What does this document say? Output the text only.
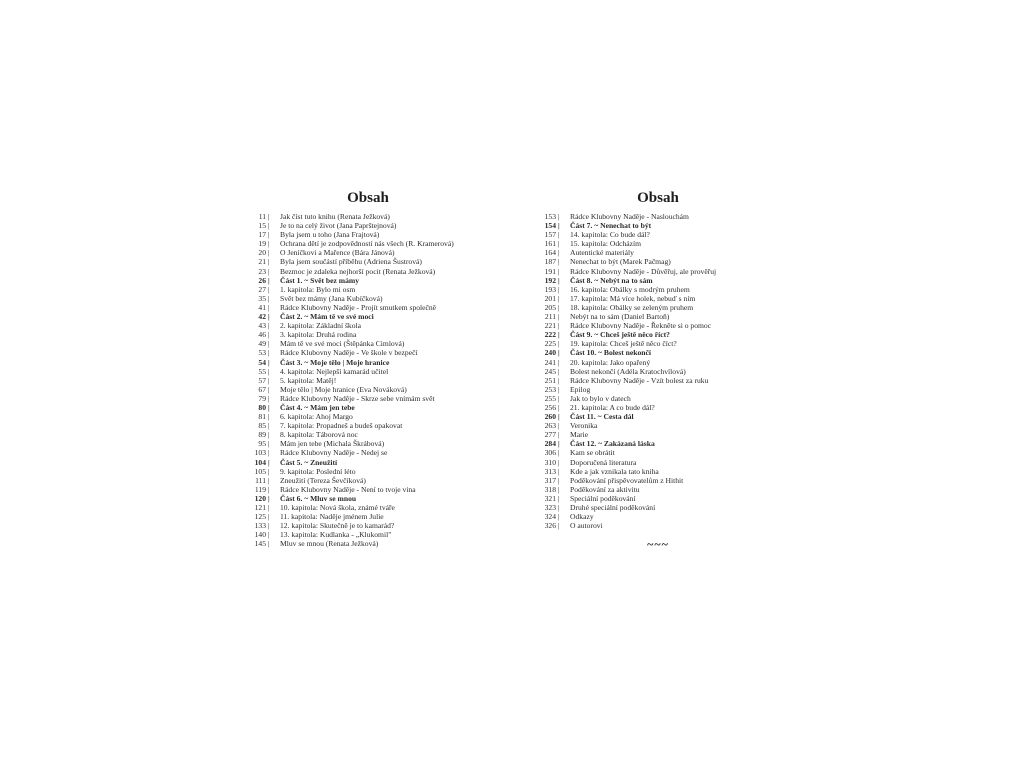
Obsah
11 |	Jak číst tuto knihu (Renata Ježková)
15 |	Je to na celý život (Jana Paprštejnová)
17 |	Byla jsem u toho (Jana Frajtová)
19 |	Ochrana dětí je zodpovědností nás všech (R. Kramerová)
20 |	O Jeníčkovi a Mařence (Bára Jánová)
21 |	Byla jsem součástí příběhu (Adriena Šustrová)
23 |	Bezmoc je zdaleka nejhorší pocit (Renata Ježková)
26 |	Část 1. ~ Svět bez mámy
27 |	1. kapitola: Bylo mi osm
35 |	Svět bez mámy (Jana Kubíčková)
41 |	Rádce Klubovny Naděje - Projít smutkem společně
42 |	Část 2. ~ Mám tě ve své moci
43 |	2. kapitola: Základní škola
46 |	3. kapitola: Druhá rodina
49 |	Mám tě ve své moci (Štěpánka Cimlová)
53 |	Rádce Klubovny Naděje - Ve škole v bezpečí
54 |	Část 3. ~ Moje tělo | Moje hranice
55 |	4. kapitola: Nejlepší kamarád učitel
57 |	5. kapitola: Matěj!
67 |	Moje tělo | Moje hranice (Eva Nováková)
79 |	Rádce Klubovny Naděje - Skrze sebe vnímám svět
80 |	Část 4. ~ Mám jen tebe
81 |	6. kapitola: Ahoj Margo
85 |	7. kapitola: Propadneš a budeš opakovat
89 |	8. kapitola: Táborová noc
95 |	Mám jen tebe (Michala Škrábová)
103 |	Rádce Klubovny Naděje - Nedej se
104 |	Část 5. ~ Zneužití
105 |	9. kapitola: Poslední léto
111 |	Zneužití (Tereza Ševčíková)
119 |	Rádce Klubovny Naděje - Není to tvoje vina
120 |	Část 6. ~ Mluv se mnou
121 |	10. kapitola: Nová škola, známé tváře
125 |	11. kapitola: Naděje jménem Julie
133 |	12. kapitola: Skutečně je to kamarád?
140 |	13. kapitola: Kudlanka - „Klukomil"
145 |	Mluv se mnou (Renata Ježková)
Obsah
153 |	Rádce Klubovny Naděje - Naslouchám
154 |	Část 7. ~ Nenechat to být
157 |	14. kapitola: Co bude dál?
161 |	15. kapitola: Odcházím
164 |	Autentické materiály
187 |	Nenechat to být (Marek Pačmag)
191 |	Rádce Klubovny Naděje - Důvěřuj, ale prověřuj
192 |	Část 8. ~ Nebýt na to sám
193 |	16. kapitola: Obálky s modrým pruhem
201 |	17. kapitola: Má více holek, nebuď s ním
205 |	18. kapitola: Obálky se zeleným pruhem
211 |	Nebýt na to sám (Daniel Bartoň)
221 |	Rádce Klubovny Naděje - Řekněte si o pomoc
222 |	Část 9. ~ Chceš ještě něco říct?
225 |	19. kapitola: Chceš ještě něco číct?
240 |	Část 10. ~ Bolest nekončí
241 |	20. kapitola: Jako opařený
245 |	Bolest nekončí (Adéla Kratochvílová)
251 |	Rádce Klubovny Naděje - Vzít bolest za ruku
253 |	Epilog
255 |	Jak to bylo v datech
256 |	21. kapitola: A co bude dál?
260 |	Část 11. ~ Cesta dál
263 |	Veronika
277 |	Marie
284 |	Část 12. ~ Zakázaná láska
306 |	Kam se obrátit
310 |	Doporučená literatura
313 |	Kde a jak vznikala tato kniha
317 |	Poděkování přispěvovatelům z Hithit
318 |	Poděkování za aktivitu
321 |	Speciální poděkování
323 |	Druhé speciální poděkování
324 |	Odkazy
326 |	O autorovi
~~~
